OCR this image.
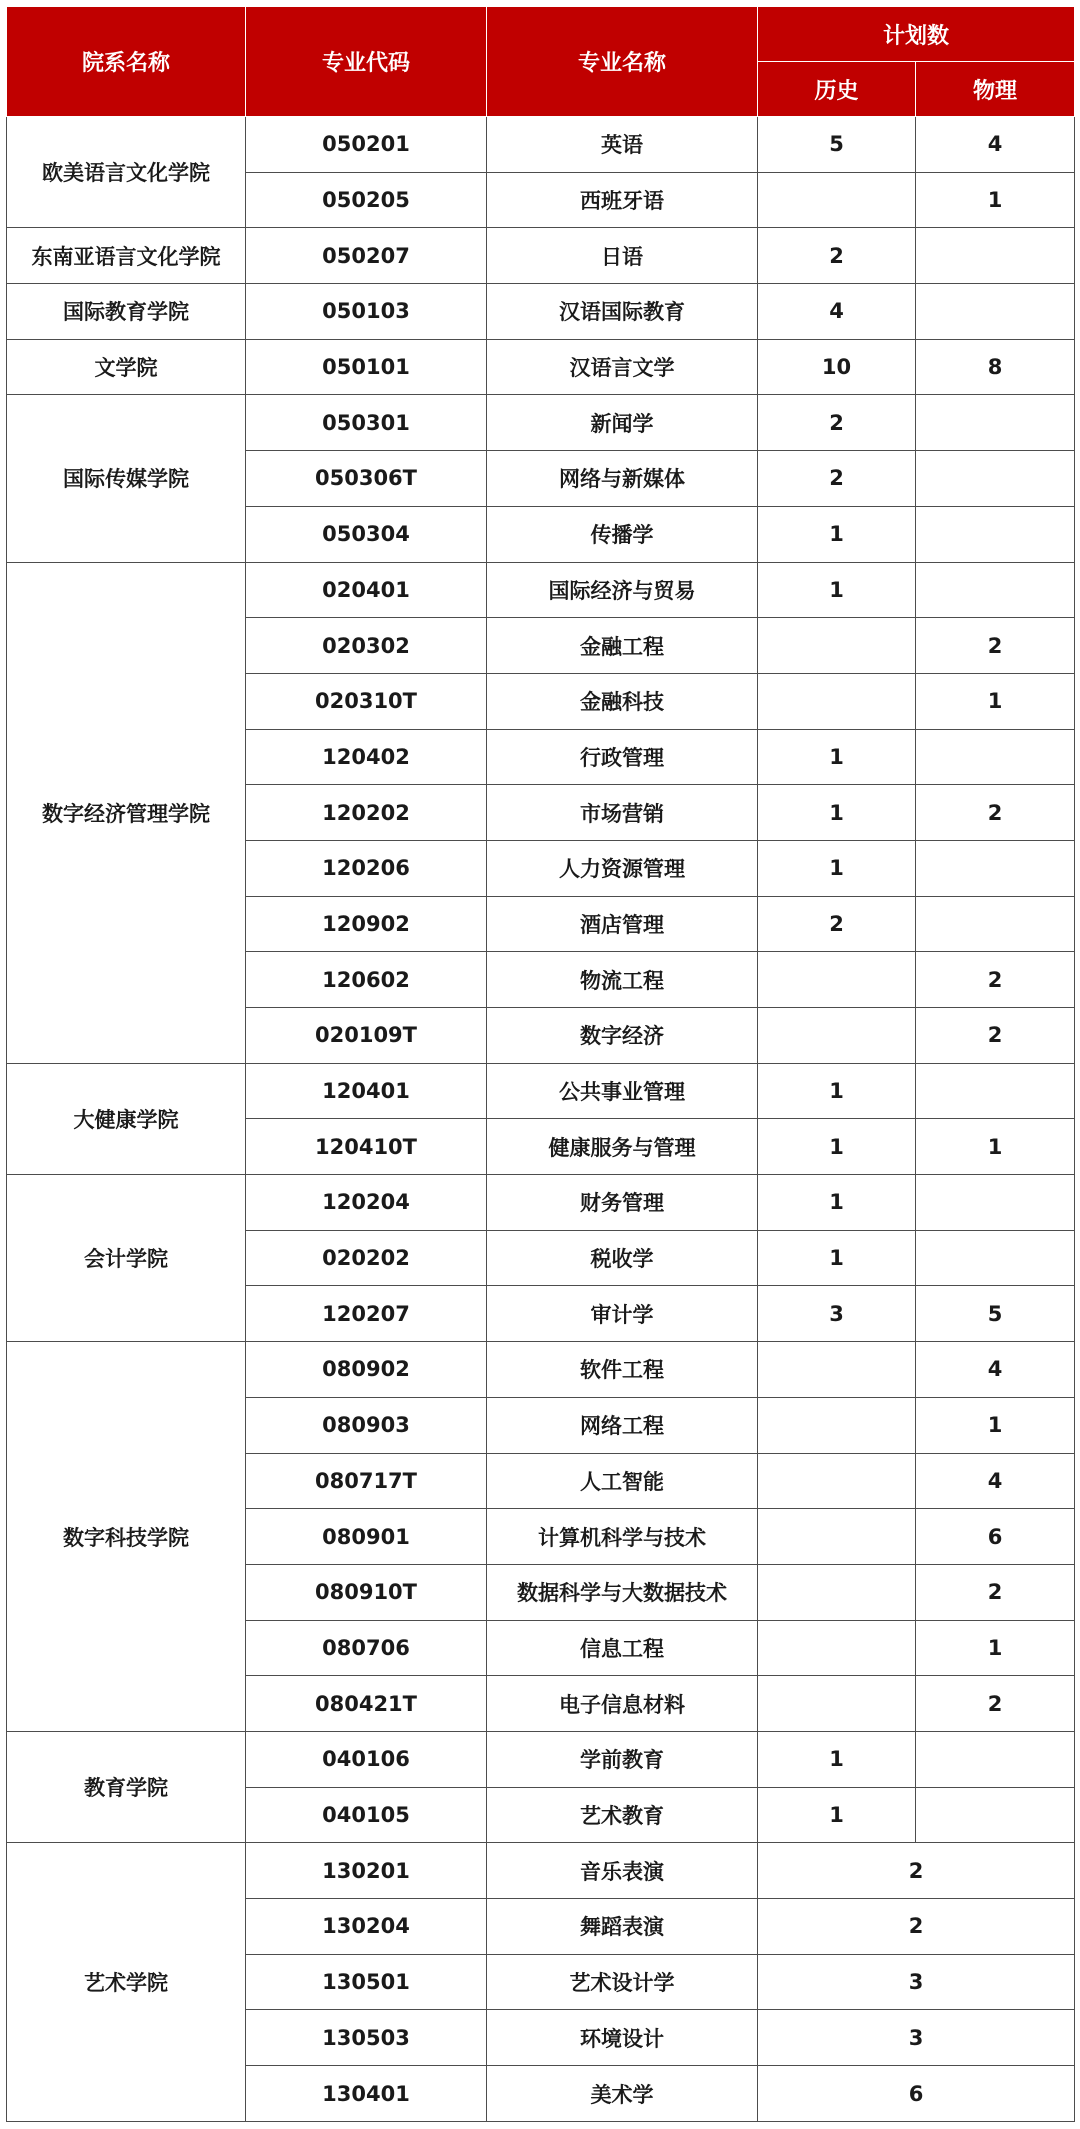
院系名称	专业代码	专业名称	计划数	
			历史	物理
欧美语言文化学院	050201	英语	5	4
	050205	西班牙语		1
东南亚语言文化学院	050207	日语	2	
国际教育学院	050103	汉语国际教育	4	
文学院	050101	汉语言文学	10	8
国际传媒学院	050301	新闻学	2	
	050306T	网络与新媒体	2	
	050304	传播学	1	
数字经济管理学院	020401	国际经济与贸易	1	
	020302	金融工程		2
	020310T	金融科技		1
	120402	行政管理	1	
	120202	市场营销	1	2
	120206	人力资源管理	1	
	120902	酒店管理	2	
	120602	物流工程		2
	020109T	数字经济		2
大健康学院	120401	公共事业管理	1	
	120410T	健康服务与管理	1	1
会计学院	120204	财务管理	1	
	020202	税收学	1	
	120207	审计学	3	5
数字科技学院	080902	软件工程		4
	080903	网络工程		1
	080717T	人工智能		4
	080901	计算机科学与技术		6
	080910T	数据科学与大数据技术		2
	080706	信息工程		1
	080421T	电子信息材料		2
教育学院	040106	学前教育	1	
	040105	艺术教育	1	
艺术学院	130201	音乐表演	2	
	130204	舞蹈表演	2	
	130501	艺术设计学	3	
	130503	环境设计	3	
	130401	美术学	6	
